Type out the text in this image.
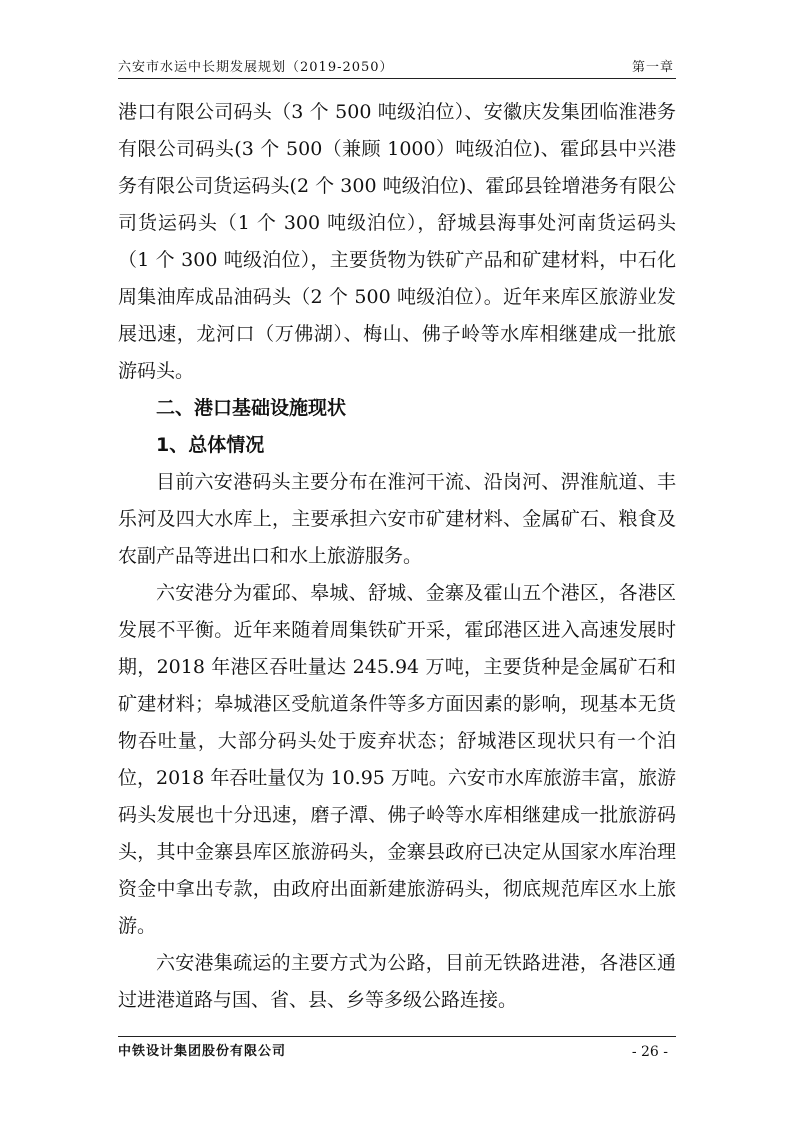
六安市水运中长期发展规划（2019-2050）	第一章

港口有限公司码头（3 个 500 吨级泊位）、安徽庆发集团临淮港务有限公司码头(3 个 500（兼顾 1000）吨级泊位)、霍邱县中兴港务有限公司货运码头(2 个 300 吨级泊位)、霍邱县铨增港务有限公司货运码头（1 个 300 吨级泊位），舒城县海事处河南货运码头（1 个 300 吨级泊位），主要货物为铁矿产品和矿建材料，中石化周集油库成品油码头（2 个 500 吨级泊位）。近年来库区旅游业发展迅速，龙河口（万佛湖）、梅山、佛子岭等水库相继建成一批旅游码头。

二、港口基础设施现状
1、总体情况

目前六安港码头主要分布在淮河干流、沿岗河、淠淮航道、丰乐河及四大水库上，主要承担六安市矿建材料、金属矿石、粮食及农副产品等进出口和水上旅游服务。

六安港分为霍邱、皋城、舒城、金寨及霍山五个港区，各港区发展不平衡。近年来随着周集铁矿开采，霍邱港区进入高速发展时期，2018 年港区吞吐量达 245.94 万吨，主要货种是金属矿石和矿建材料；皋城港区受航道条件等多方面因素的影响，现基本无货物吞吐量，大部分码头处于废弃状态；舒城港区现状只有一个泊位，2018 年吞吐量仅为 10.95 万吨。六安市水库旅游丰富，旅游码头发展也十分迅速，磨子潭、佛子岭等水库相继建成一批旅游码头，其中金寨县库区旅游码头，金寨县政府已决定从国家水库治理资金中拿出专款，由政府出面新建旅游码头，彻底规范库区水上旅游。

六安港集疏运的主要方式为公路，目前无铁路进港，各港区通过进港道路与国、省、县、乡等多级公路连接。

中铁设计集团股份有限公司	- 26 -
